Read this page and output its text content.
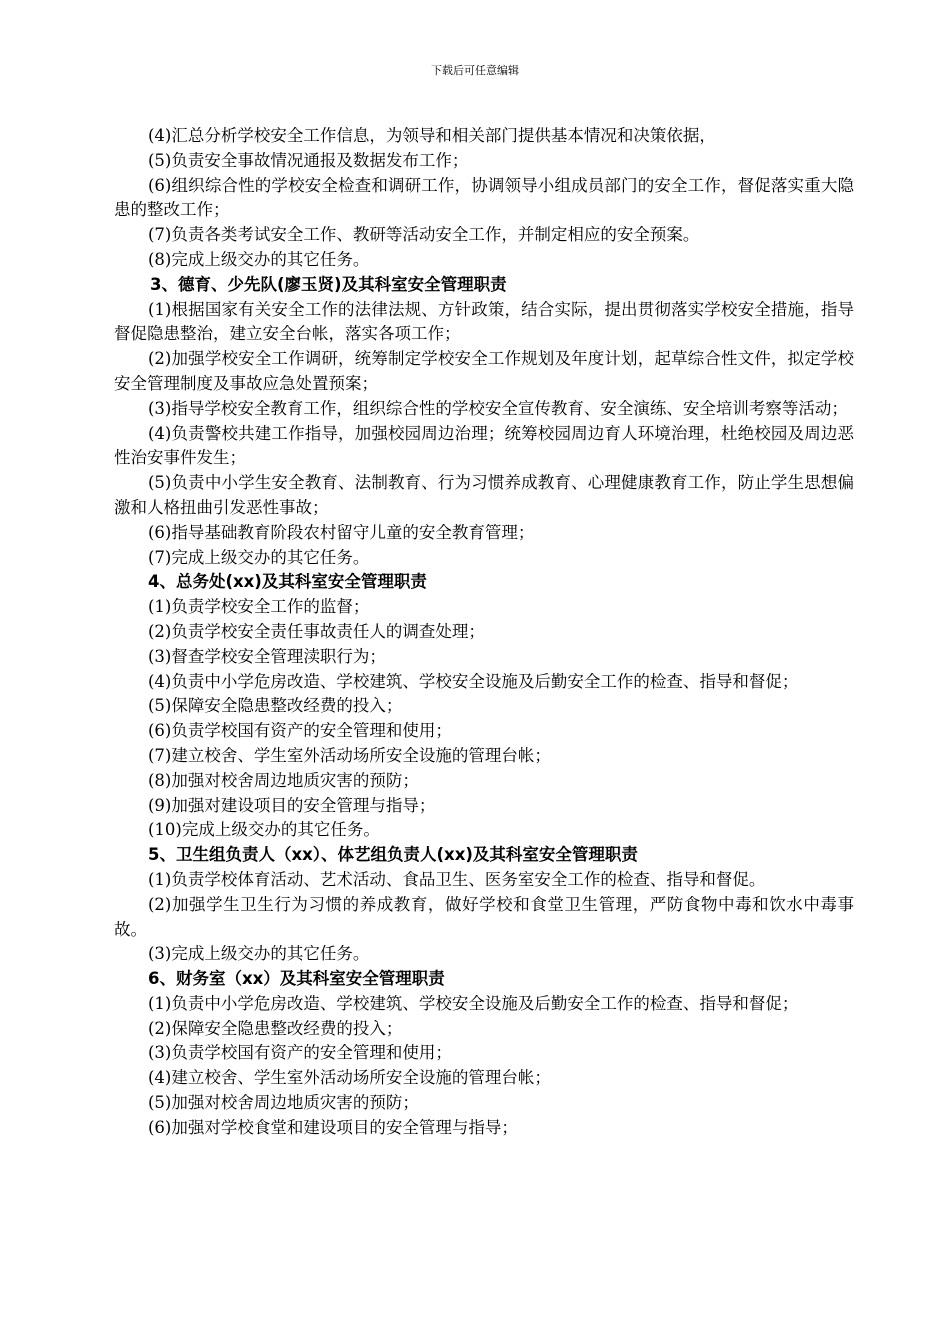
下载后可任意编辑

(4)汇总分析学校安全工作信息，为领导和相关部门提供基本情况和决策依据，

(5)负责安全事故情况通报及数据发布工作；

(6)组织综合性的学校安全检查和调研工作，协调领导小组成员部门的安全工作，督促落实重大隐患的整改工作；

(7)负责各类考试安全工作、教研等活动安全工作，并制定相应的安全预案。

(8)完成上级交办的其它任务。

3、德育、少先队(廖玉贤)及其科室安全管理职责

(1)根据国家有关安全工作的法律法规、方针政策，结合实际，提出贯彻落实学校安全措施，指导督促隐患整治，建立安全台帐，落实各项工作；

(2)加强学校安全工作调研，统筹制定学校安全工作规划及年度计划，起草综合性文件，拟定学校安全管理制度及事故应急处置预案；

(3)指导学校安全教育工作，组织综合性的学校安全宣传教育、安全演练、安全培训考察等活动；

(4)负责警校共建工作指导，加强校园周边治理；统筹校园周边育人环境治理，杜绝校园及周边恶性治安事件发生；

(5)负责中小学生安全教育、法制教育、行为习惯养成教育、心理健康教育工作，防止学生思想偏激和人格扭曲引发恶性事故；

(6)指导基础教育阶段农村留守儿童的安全教育管理；

(7)完成上级交办的其它任务。

4、总务处(xx)及其科室安全管理职责

(1)负责学校安全工作的监督；

(2)负责学校安全责任事故责任人的调查处理；

(3)督查学校安全管理渎职行为；

(4)负责中小学危房改造、学校建筑、学校安全设施及后勤安全工作的检查、指导和督促；

(5)保障安全隐患整改经费的投入；

(6)负责学校国有资产的安全管理和使用；

(7)建立校舍、学生室外活动场所安全设施的管理台帐；

(8)加强对校舍周边地质灾害的预防；

(9)加强对建设项目的安全管理与指导；

(10)完成上级交办的其它任务。

5、卫生组负责人（xx）、体艺组负责人(xx)及其科室安全管理职责

(1)负责学校体育活动、艺术活动、食品卫生、医务室安全工作的检查、指导和督促。

(2)加强学生卫生行为习惯的养成教育，做好学校和食堂卫生管理，严防食物中毒和饮水中毒事故。

(3)完成上级交办的其它任务。

6、财务室（xx）及其科室安全管理职责

(1)负责中小学危房改造、学校建筑、学校安全设施及后勤安全工作的检查、指导和督促；

(2)保障安全隐患整改经费的投入；

(3)负责学校国有资产的安全管理和使用；

(4)建立校舍、学生室外活动场所安全设施的管理台帐；

(5)加强对校舍周边地质灾害的预防；

(6)加强对学校食堂和建设项目的安全管理与指导；
